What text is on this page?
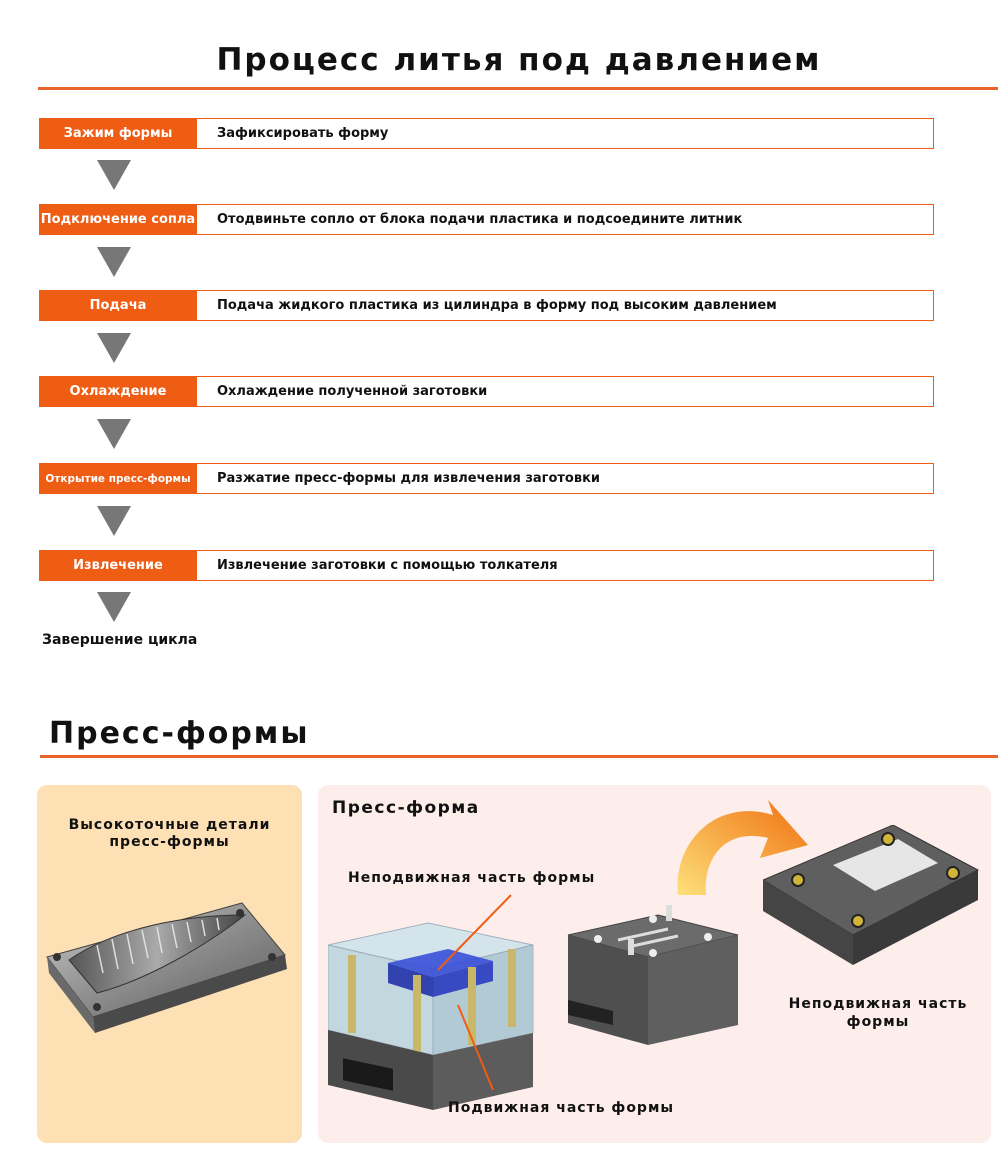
Процесс литья под давлением
Зажим формы	Зафиксировать форму
Подключение сопла	Отодвиньте сопло от блока подачи пластика и подсоедините литник
Подача	Подача жидкого пластика из цилиндра в форму под высоким давлением
Охлаждение	Охлаждение полученной заготовки
Открытие пресс-формы	Разжатие пресс-формы для извлечения заготовки
Извлечение	Извлечение заготовки с помощью толкателя
Завершение цикла
Пресс-формы
Высокоточные детали
пресс-формы
Пресс-форма
Неподвижная часть формы
Подвижная часть формы
Неподвижная часть
формы
